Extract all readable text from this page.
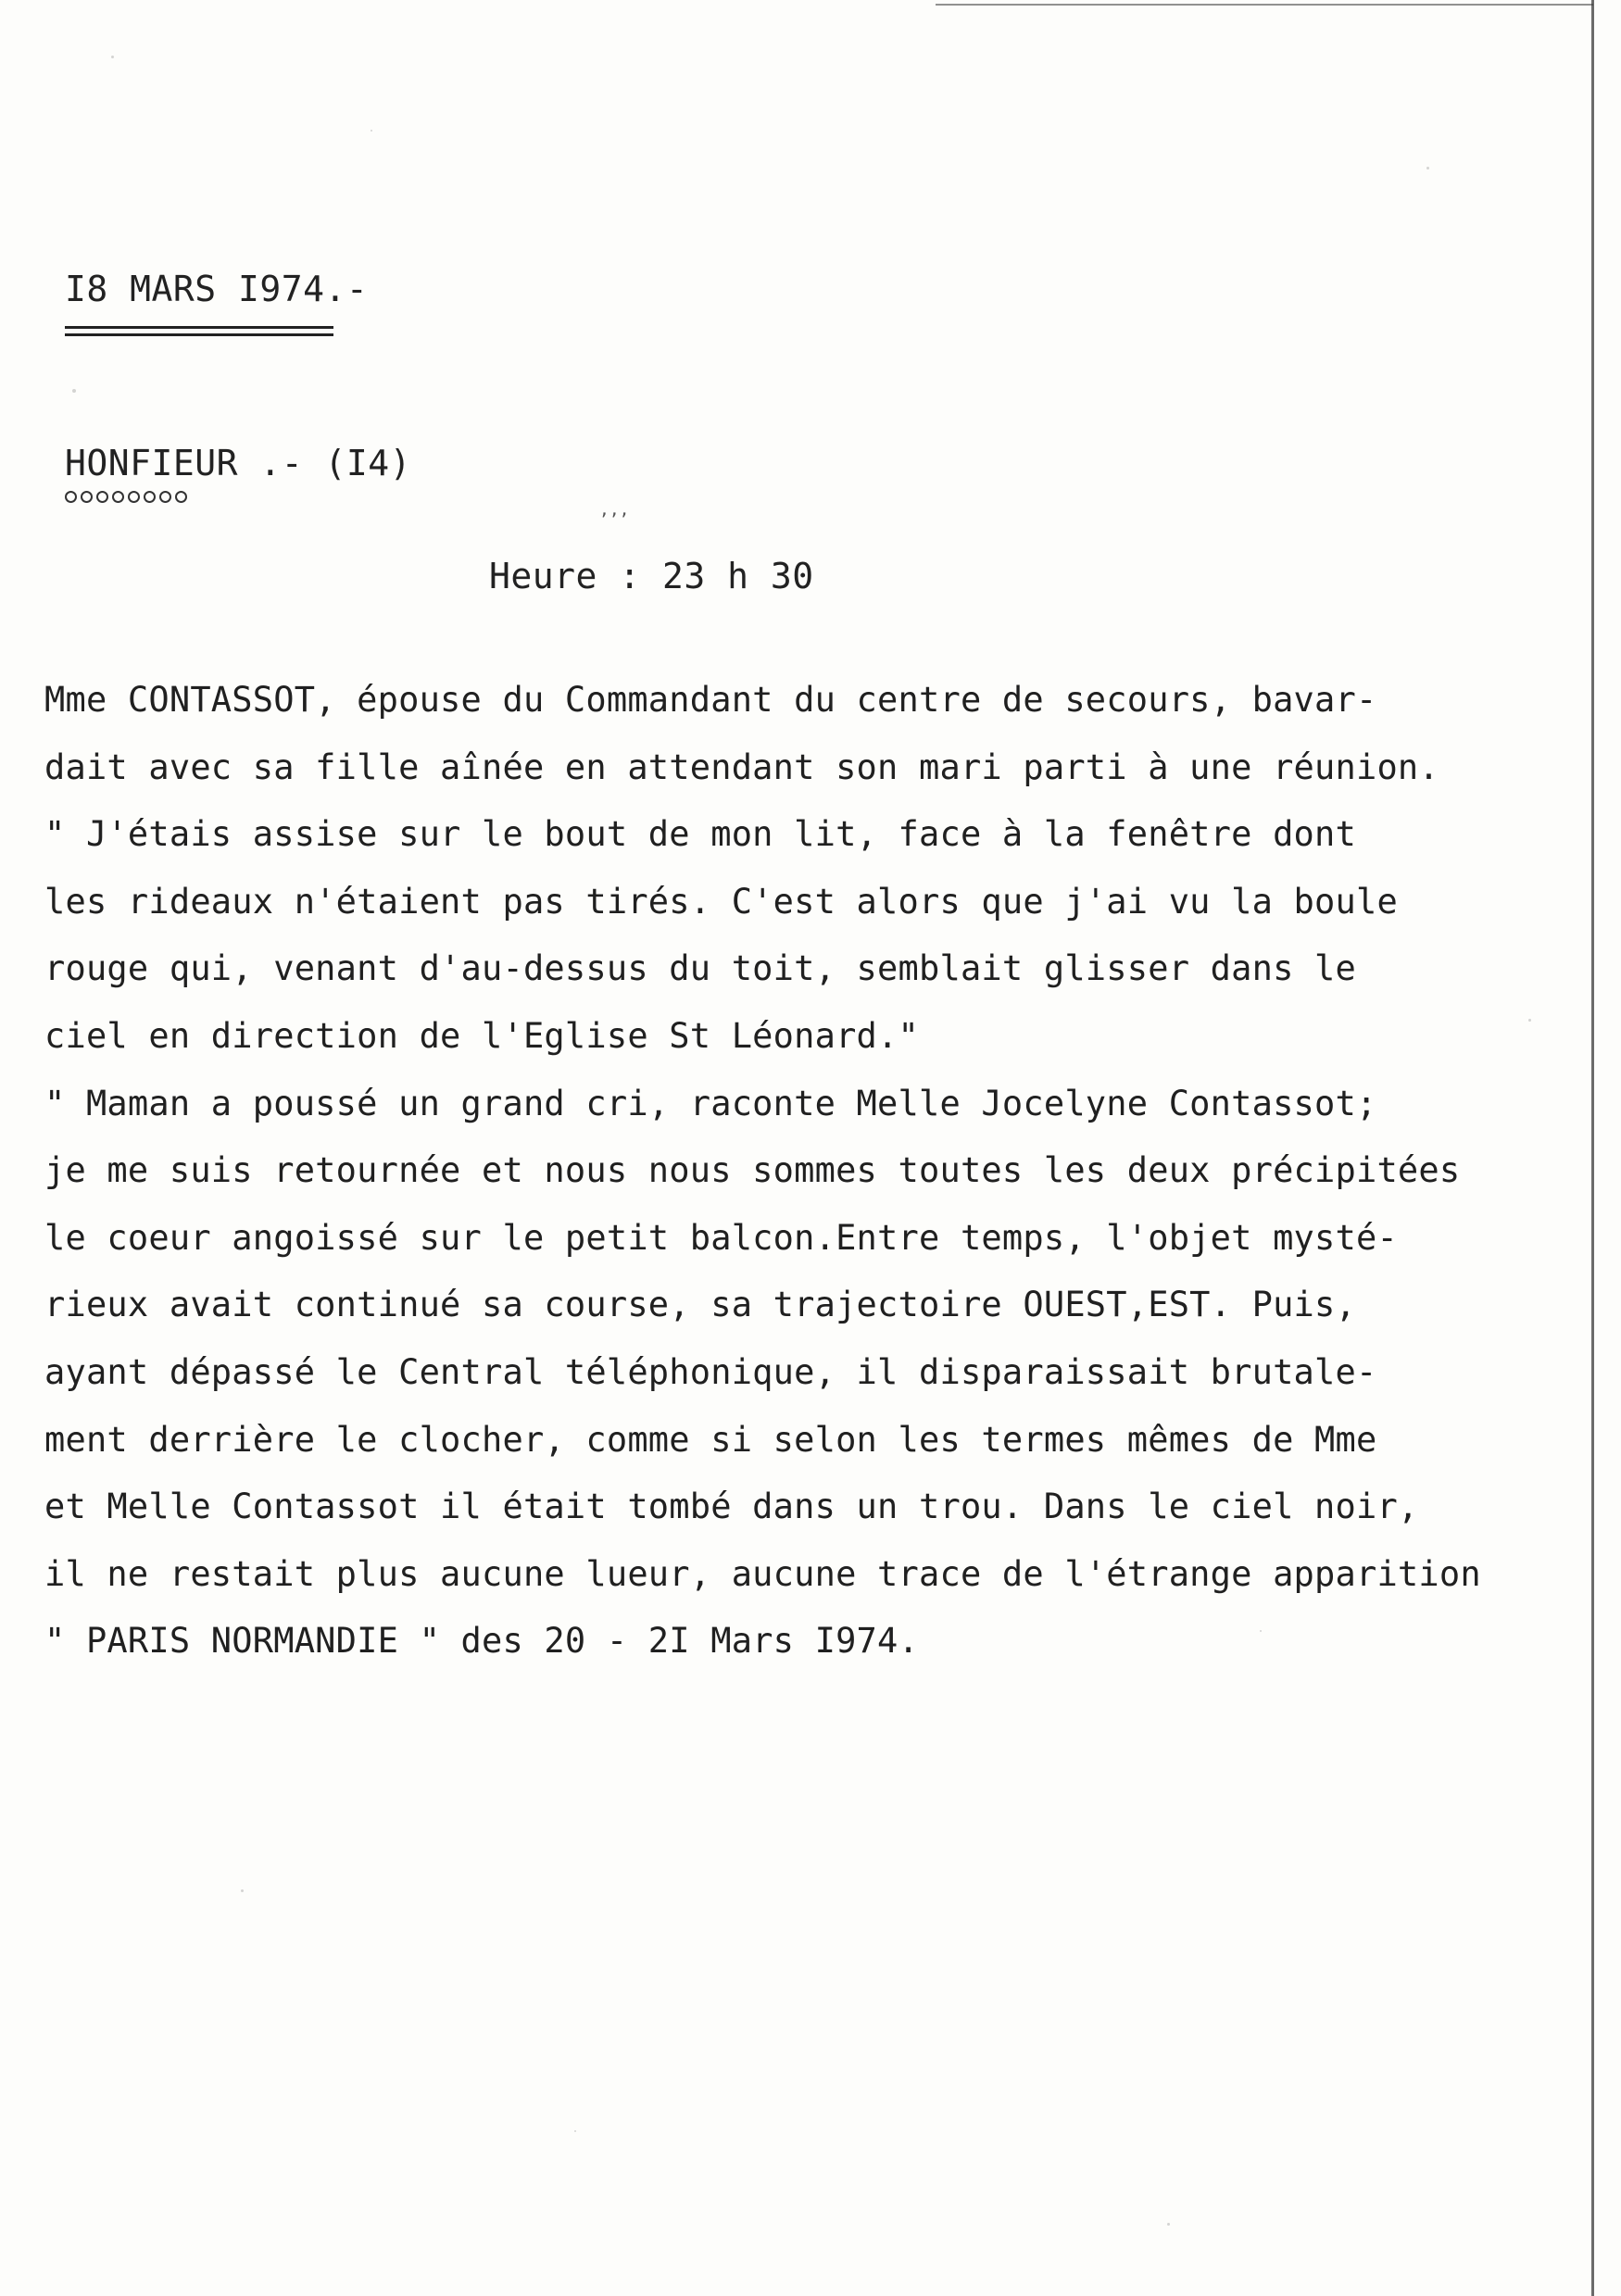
I8 MARS I974.-
HONFIEUR .- (I4)
,,,
Heure : 23 h 30
Mme CONTASSOT, épouse du Commandant du centre de secours, bavar-
dait avec sa fille aînée en attendant son mari parti à une réunion.
" J'étais assise sur le bout de mon lit, face à la fenêtre dont
les rideaux n'étaient pas tirés. C'est alors que j'ai vu la boule
rouge qui, venant d'au-dessus du toit, semblait glisser dans le
ciel en direction de l'Eglise St Léonard."
" Maman a poussé un grand cri, raconte Melle Jocelyne Contassot;
je me suis retournée et nous nous sommes toutes les deux précipitées
le coeur angoissé sur le petit balcon.Entre temps, l'objet mysté-
rieux avait continué sa course, sa trajectoire OUEST,EST. Puis,
ayant dépassé le Central téléphonique, il disparaissait brutale-
ment derrière le clocher, comme si selon les termes mêmes de Mme
et Melle Contassot il était tombé dans un trou. Dans le ciel noir,
il ne restait plus aucune lueur, aucune trace de l'étrange apparition
" PARIS NORMANDIE " des 20 - 2I Mars I974.
